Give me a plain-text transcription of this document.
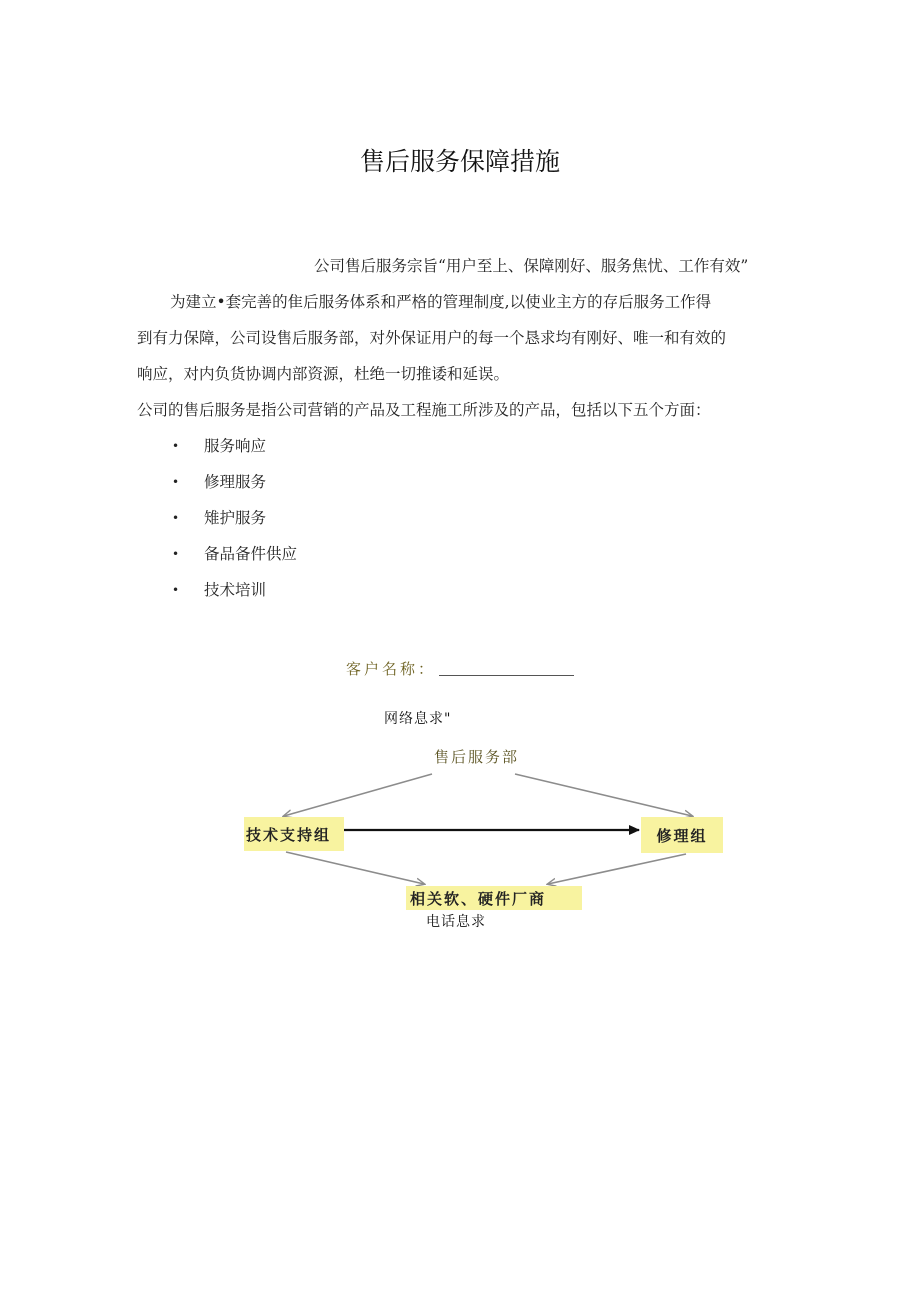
售后服务保障措施
公司售后服务宗旨“用户至上、保障刚好、服务焦忧、工作有效”
为建立•套完善的隹后服务体系和严格的管理制度,以使业主方的存后服务工作得
到有力保障，公司设售后服务部，对外保证用户的每一个恳求均有刚好、唯一和有效的
响应，对内负货协调内部资源，杜绝一切推诿和延误。
公司的售后服务是指公司营销的产品及工程施工所涉及的产品，包括以下五个方面：
•	服务响应
•	修理服务
•	雉护服务
•	备品备件供应
•	技术培训
客户名称：
网络息求"
售后服务部
技术支持组	修理组
相关软、硬件厂商
电话息求
